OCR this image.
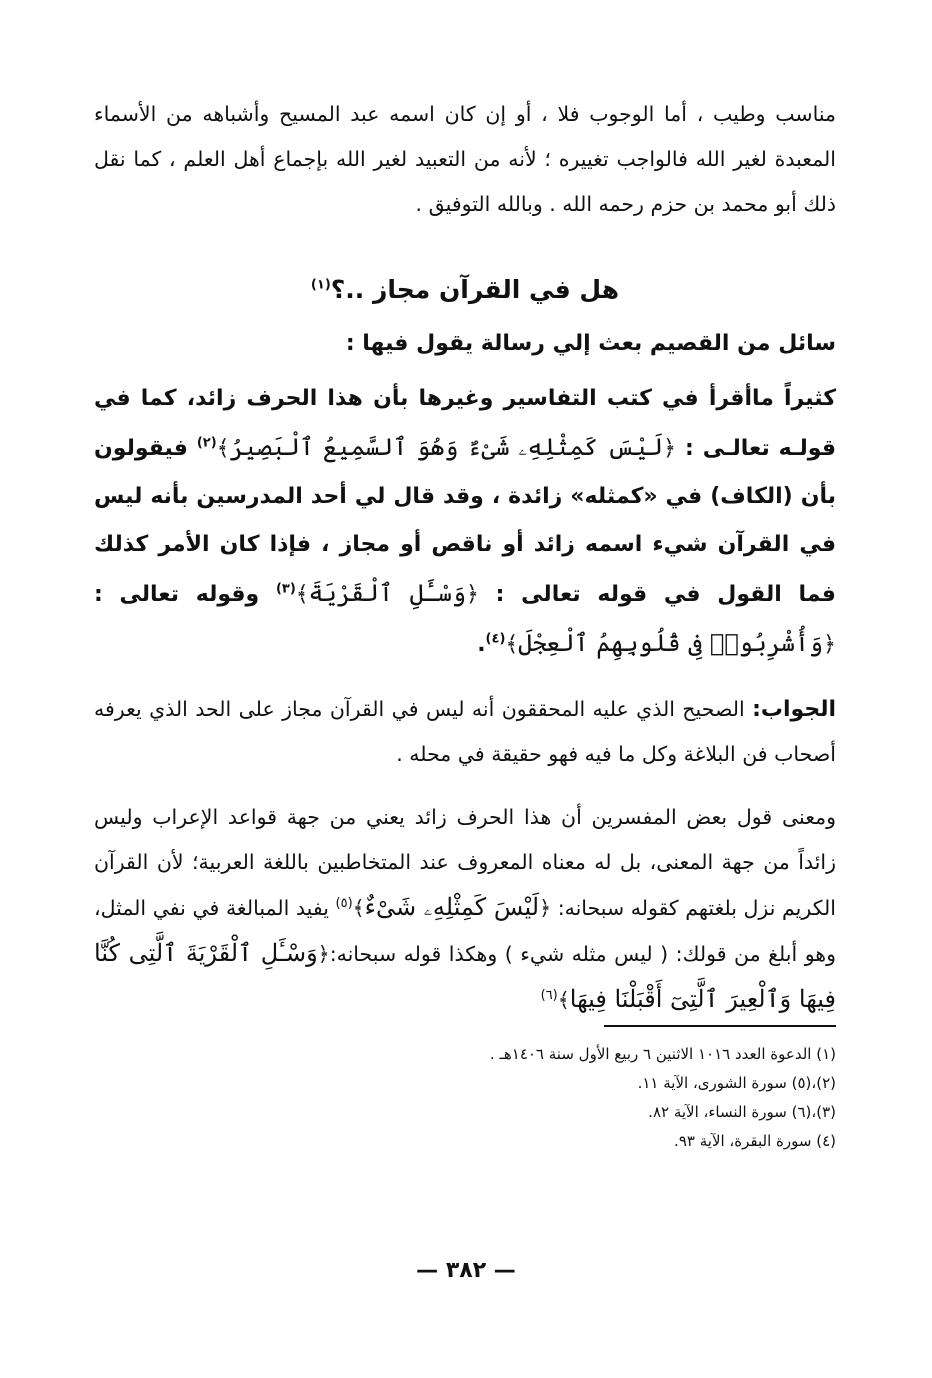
مناسب وطيب ، أما الوجوب فلا ، أو إن كان اسمه عبد المسيح وأشباهه من الأسماء المعبدة لغير الله فالواجب تغييره ؛ لأنه من التعبيد لغير الله بإجماع أهل العلم ، كما نقل ذلك أبو محمد بن حزم رحمه الله . وبالله التوفيق .

هل في القرآن مجاز ..؟$^{(١)}$

سائل من القصيم بعث إلي رسالة يقول فيها :

كثيراً ماأقرأ في كتب التفاسير وغيرها بأن هذا الحرف زائد، كما في قولـه تعالـى : ﴿لَيْسَ كَمِثْلِهِۦ شَىْءٌ وَهُوَ ٱلسَّمِيعُ ٱلْبَصِيرُ﴾$^{(٢)}$ فيقولون بأن (الكاف) في «كمثله» زائدة ، وقد قال لي أحد المدرسين بأنه ليس في القرآن شيء اسمه زائد أو ناقص أو مجاز ، فإذا كان الأمر كذلك فما القول في قوله تعالى : ﴿وَسْـَٔلِ ٱلْقَرْيَةَ﴾$^{(٣)}$ وقوله تعالى : ﴿وَأُشْرِبُوا۟ فِى قُلُوبِهِمُ ٱلْعِجْلَ﴾$^{(٤)}$.

الجواب: الصحيح الذي عليه المحققون أنه ليس في القرآن مجاز على الحد الذي يعرفه أصحاب فن البلاغة وكل ما فيه فهو حقيقة في محله .

ومعنى قول بعض المفسرين أن هذا الحرف زائد يعني من جهة قواعد الإعراب وليس زائداً من جهة المعنى، بل له معناه المعروف عند المتخاطبين باللغة العربية؛ لأن القرآن الكريم نزل بلغتهم كقوله سبحانه: ﴿لَيْسَ كَمِثْلِهِۦ شَىْءٌ﴾$^{(٥)}$ يفيد المبالغة في نفي المثل، وهو أبلغ من قولك: ( ليس مثله شيء ) وهكذا قوله سبحانه:﴿وَسْـَٔلِ ٱلْقَرْيَةَ ٱلَّتِى كُنَّا فِيهَا وَٱلْعِيرَ ٱلَّتِىٓ أَقْبَلْنَا فِيهَا﴾$^{(٦)}$

(١) الدعوة العدد ١٠١٦ الاثنين ٦ ربيع الأول سنة ١٤٠٦هـ .

(٢)،(٥) سورة الشورى، الآية ١١.

(٣)،(٦) سورة النساء، الآية ٨٢.

(٤) سورة البقرة، الآية ٩٣.

— ٣٨٢ —
